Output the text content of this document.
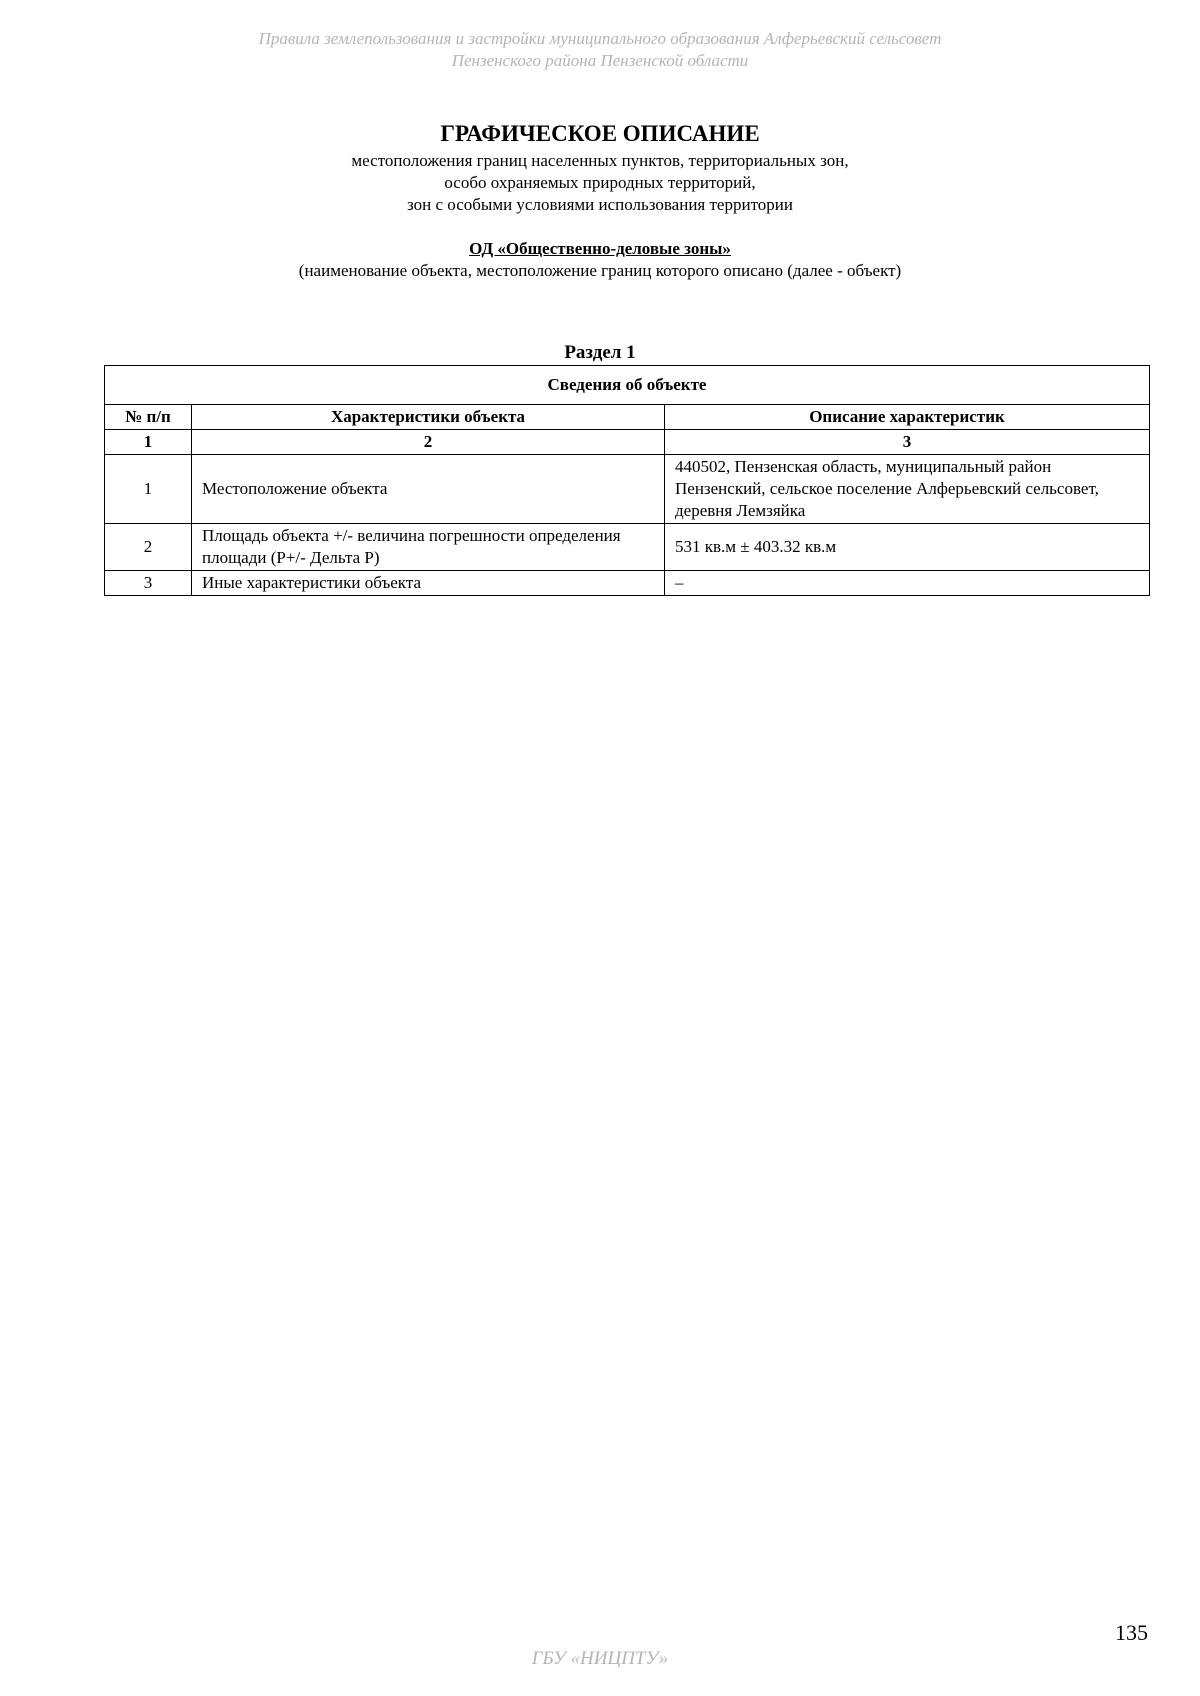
Правила землепользования и застройки муниципального образования Алферьевский сельсовет
Пензенского района Пензенской области

ГРАФИЧЕСКОЕ ОПИСАНИЕ

местоположения границ населенных пунктов, территориальных зон,

особо охраняемых природных территорий,

зон с особыми условиями использования территории

ОД «Общественно-деловые зоны»
(наименование объекта, местоположение границ которого описано (далее - объект)
Раздел 1
Сведения об объекте		
№ п/п	Характеристики объекта	Описание характеристик
1	2	3
1	Местоположение объекта	440502, Пензенская область, муниципальный район Пензенский, сельское поселение Алферьевский сельсовет, деревня Лемзяйка
2	Площадь объекта +/- величина погрешности определения площади (Р+/- Дельта Р)	531 кв.м ± 403.32 кв.м
3	Иные характеристики объекта	–
135
ГБУ «НИЦПТУ»
